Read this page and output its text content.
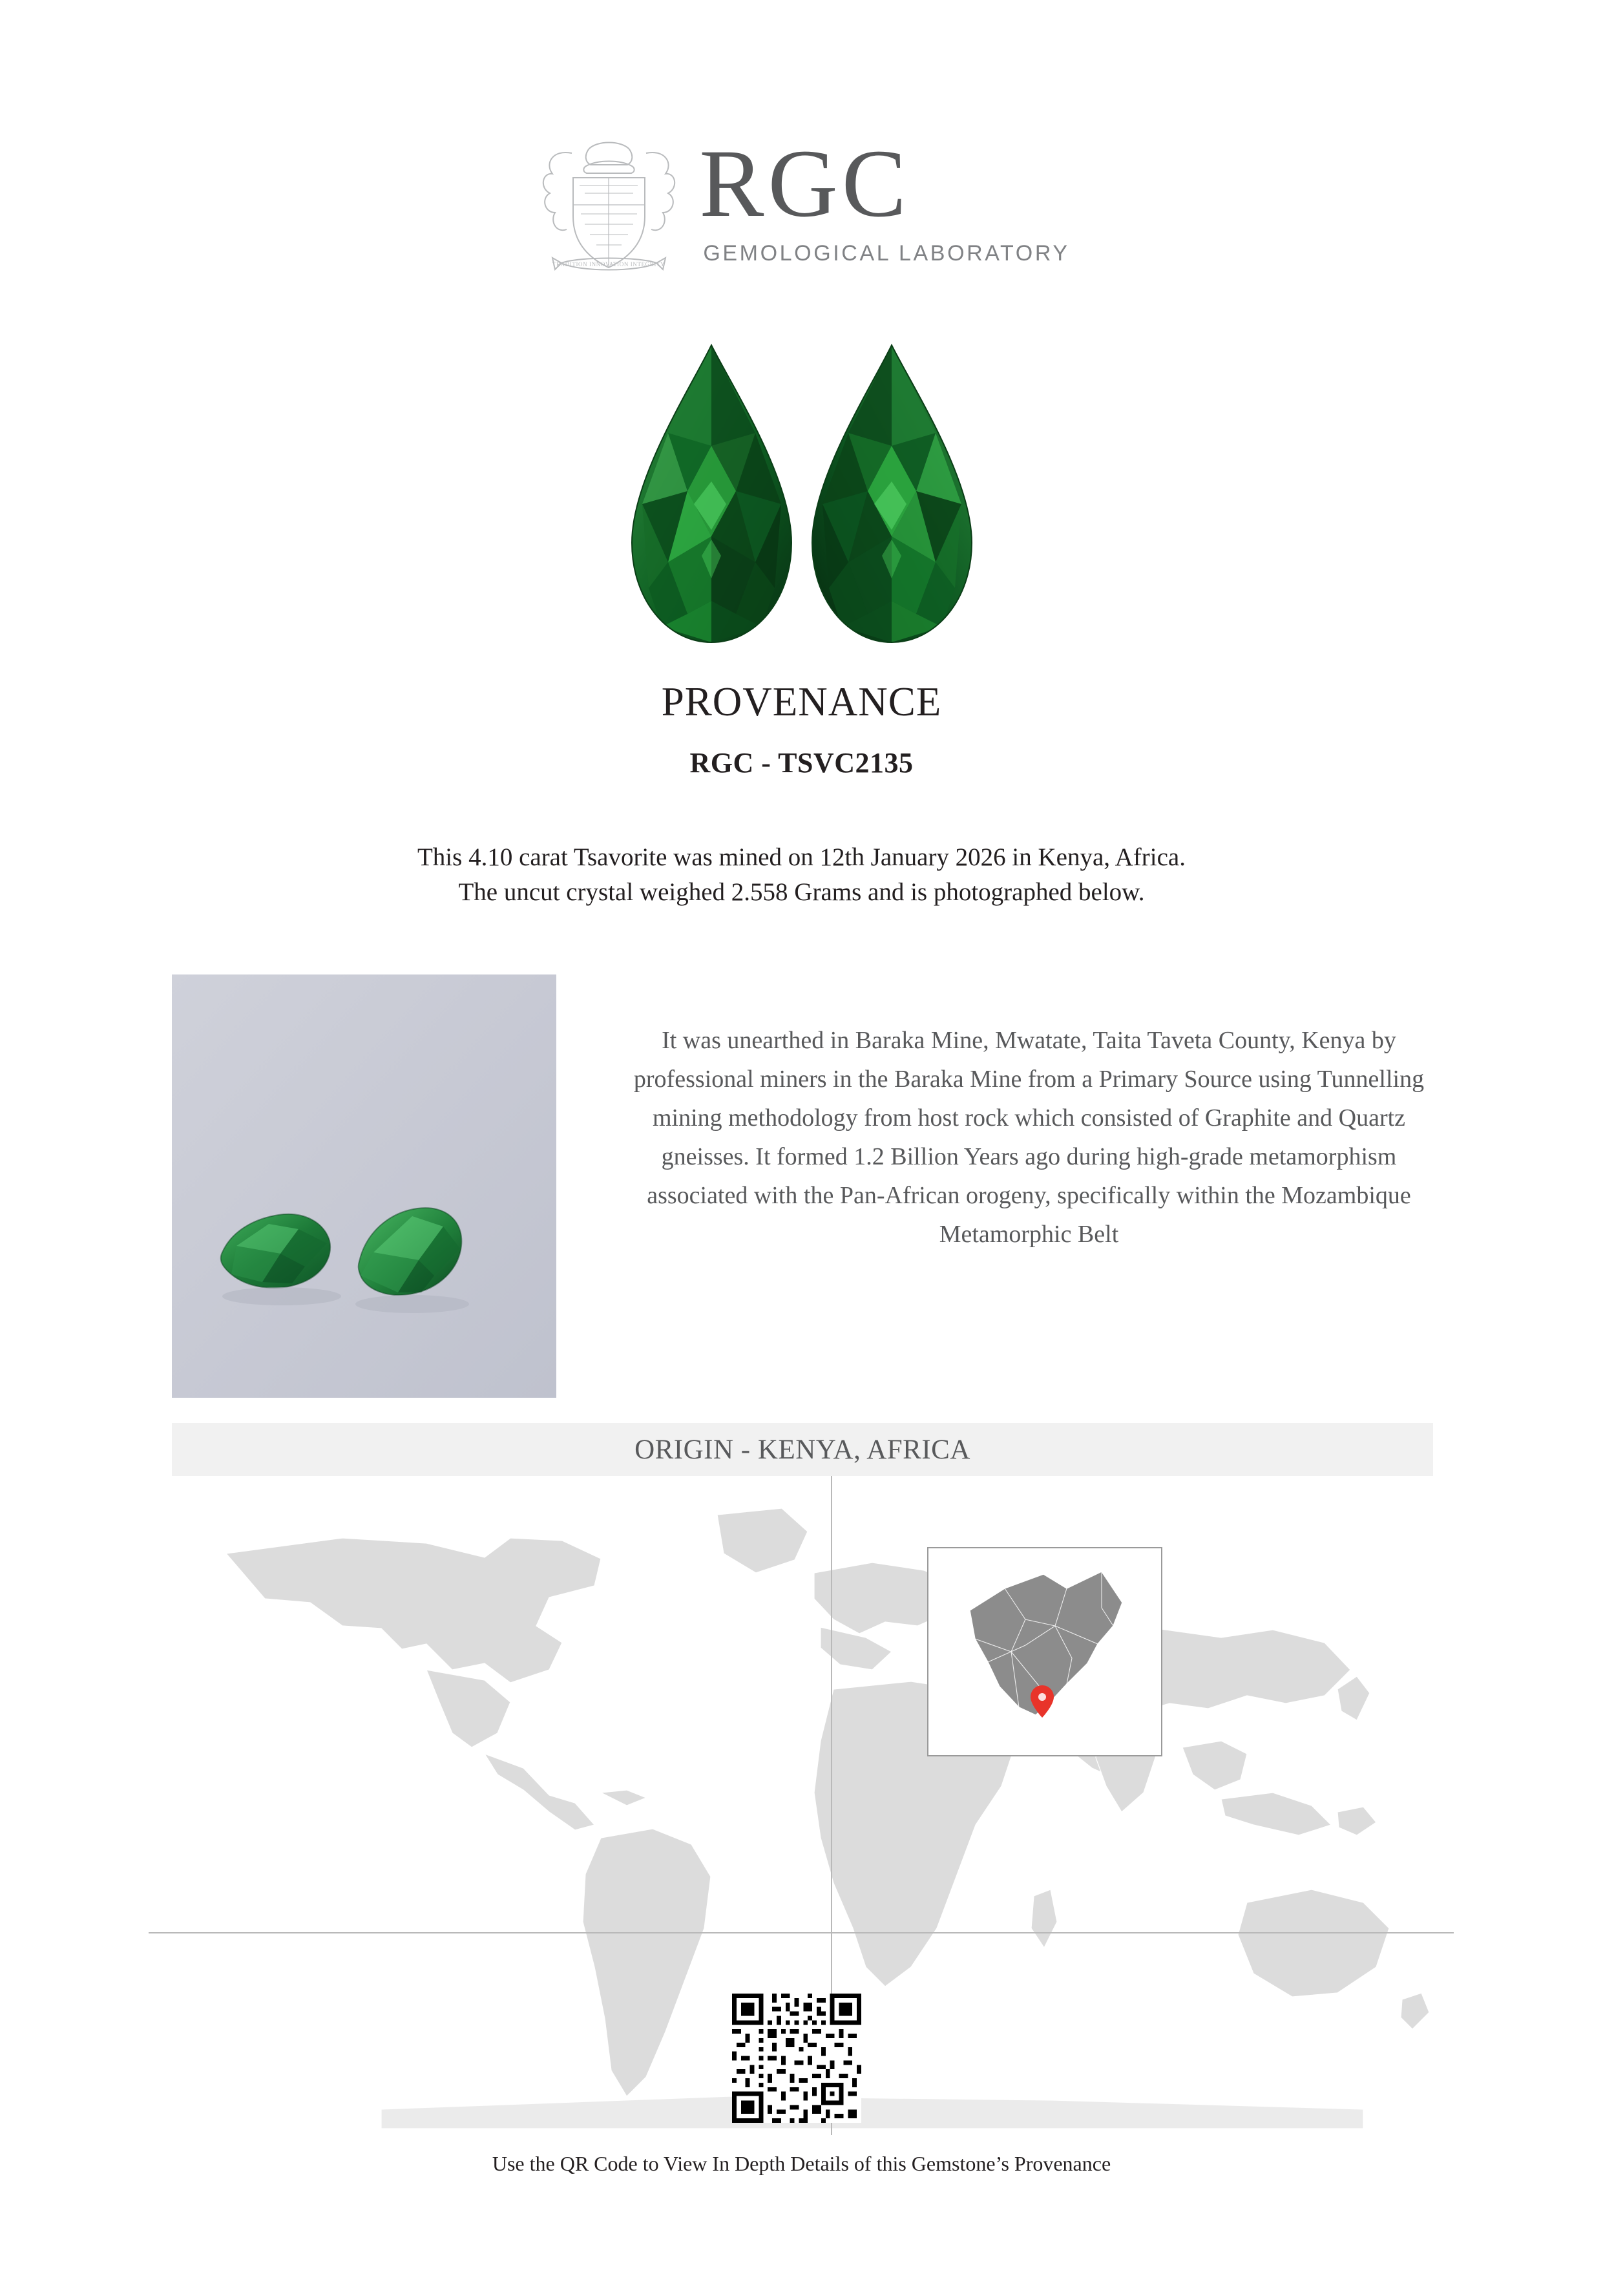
TRADITION INNOVATION INTEGRITY
RGC
GEMOLOGICAL LABORATORY
PROVENANCE
RGC - TSVC2135
This 4.10 carat Tsavorite was mined on 12th January 2026 in Kenya, Africa.
The uncut crystal weighed 2.558 Grams and is photographed below.
It was unearthed in Baraka Mine, Mwatate, Taita Taveta County, Kenya by professional miners in the Baraka Mine from a Primary Source using Tunnelling mining methodology from host rock which consisted of Graphite and Quartz gneisses. It formed 1.2 Billion Years ago during high-grade metamorphism associated with the Pan-African orogeny, specifically within the Mozambique Metamorphic Belt
ORIGIN - KENYA, AFRICA
Use the QR Code to View In Depth Details of this Gemstone’s Provenance
